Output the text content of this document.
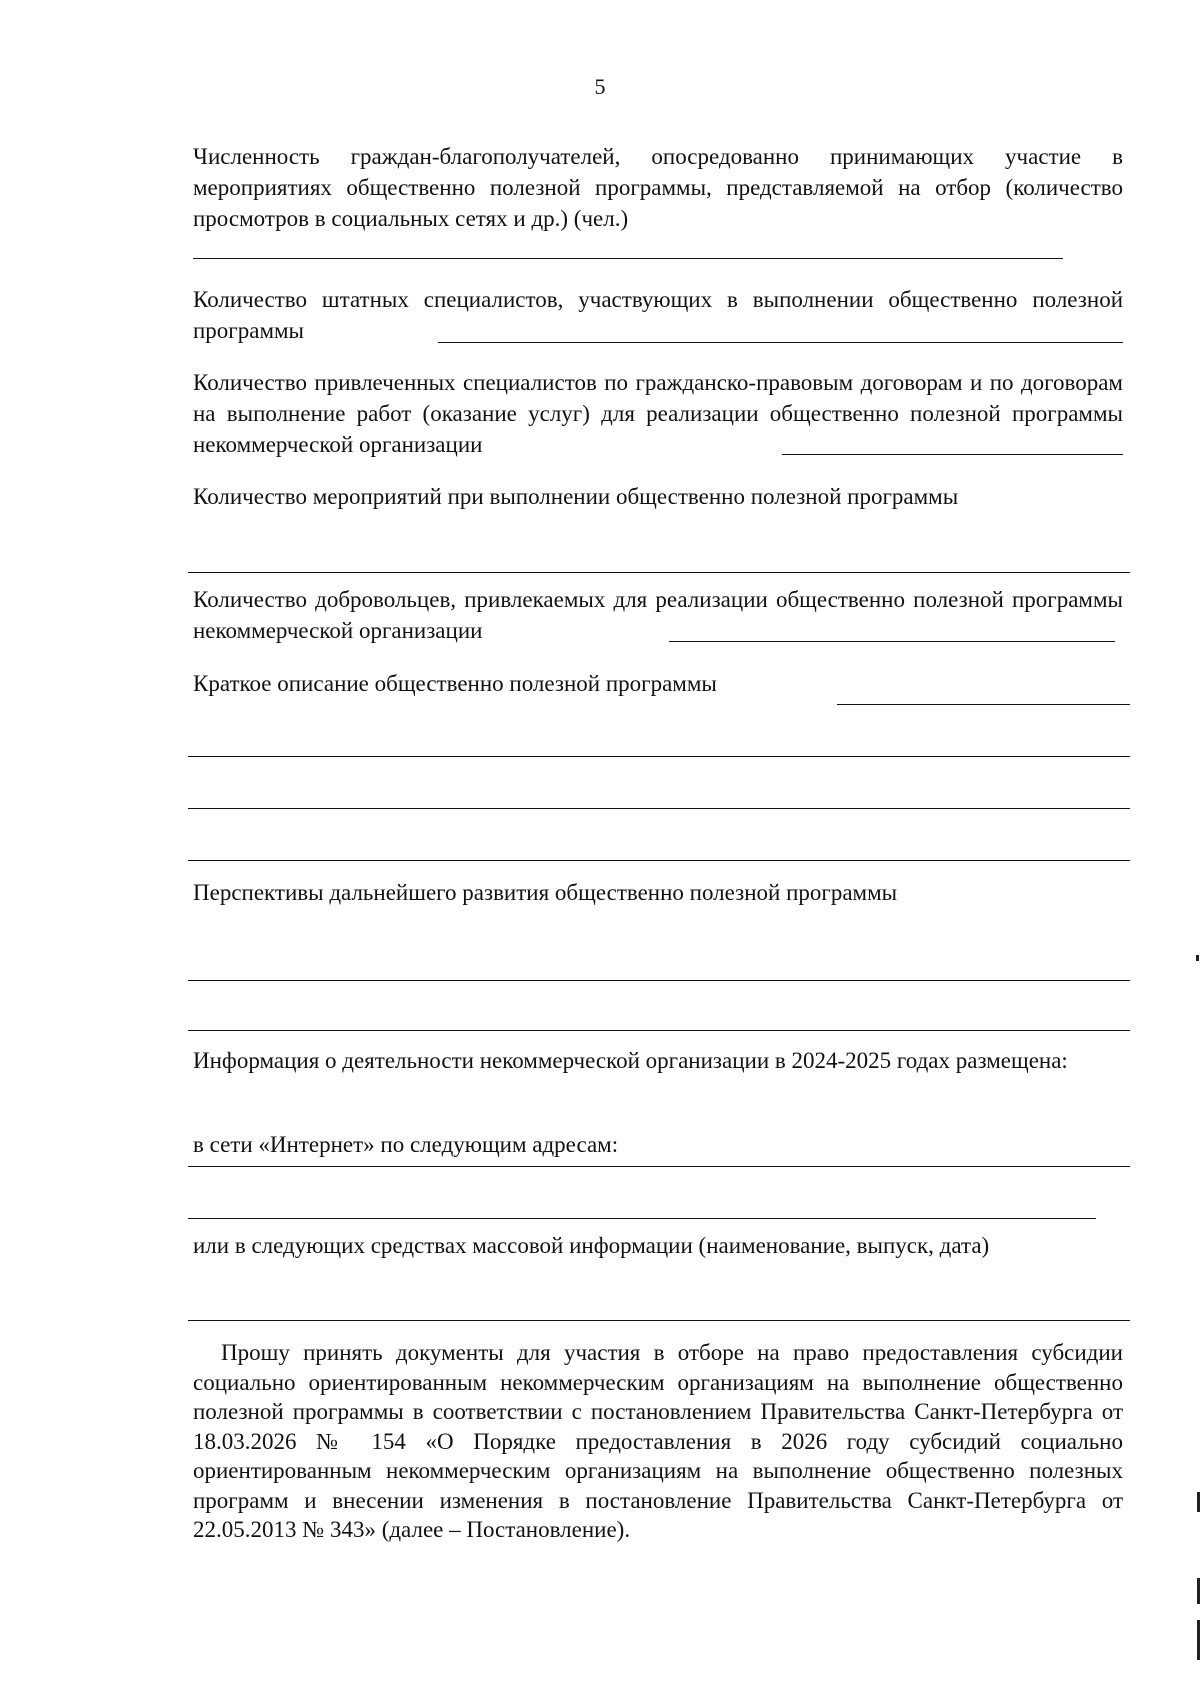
5
Численность граждан-благополучателей, опосредованно принимающих участие в мероприятиях общественно полезной программы, представляемой на отбор (количество просмотров в социальных сетях и др.) (чел.)
Количество штатных специалистов, участвующих в выполнении общественно полезной программы
Количество привлеченных специалистов по гражданско-правовым договорам и по договорам на выполнение работ (оказание услуг) для реализации общественно полезной программы некоммерческой организации
Количество мероприятий при выполнении общественно полезной программы
Количество добровольцев, привлекаемых для реализации общественно полезной программы некоммерческой организации
Краткое описание общественно полезной программы
Перспективы дальнейшего развития общественно полезной программы
Информация о деятельности некоммерческой организации в 2024-2025 годах размещена:
в сети «Интернет» по следующим адресам:
или в следующих средствах массовой информации (наименование, выпуск, дата)
Прошу принять документы для участия в отборе на право предоставления субсидии социально ориентированным некоммерческим организациям на выполнение общественно полезной программы в соответствии с постановлением Правительства Санкт-Петербурга от 18.03.2026 № 154 «О Порядке предоставления в 2026 году субсидий социально ориентированным некоммерческим организациям на выполнение общественно полезных программ и внесении изменения в постановление Правительства Санкт-Петербурга от 22.05.2013 № 343» (далее – Постановление).
